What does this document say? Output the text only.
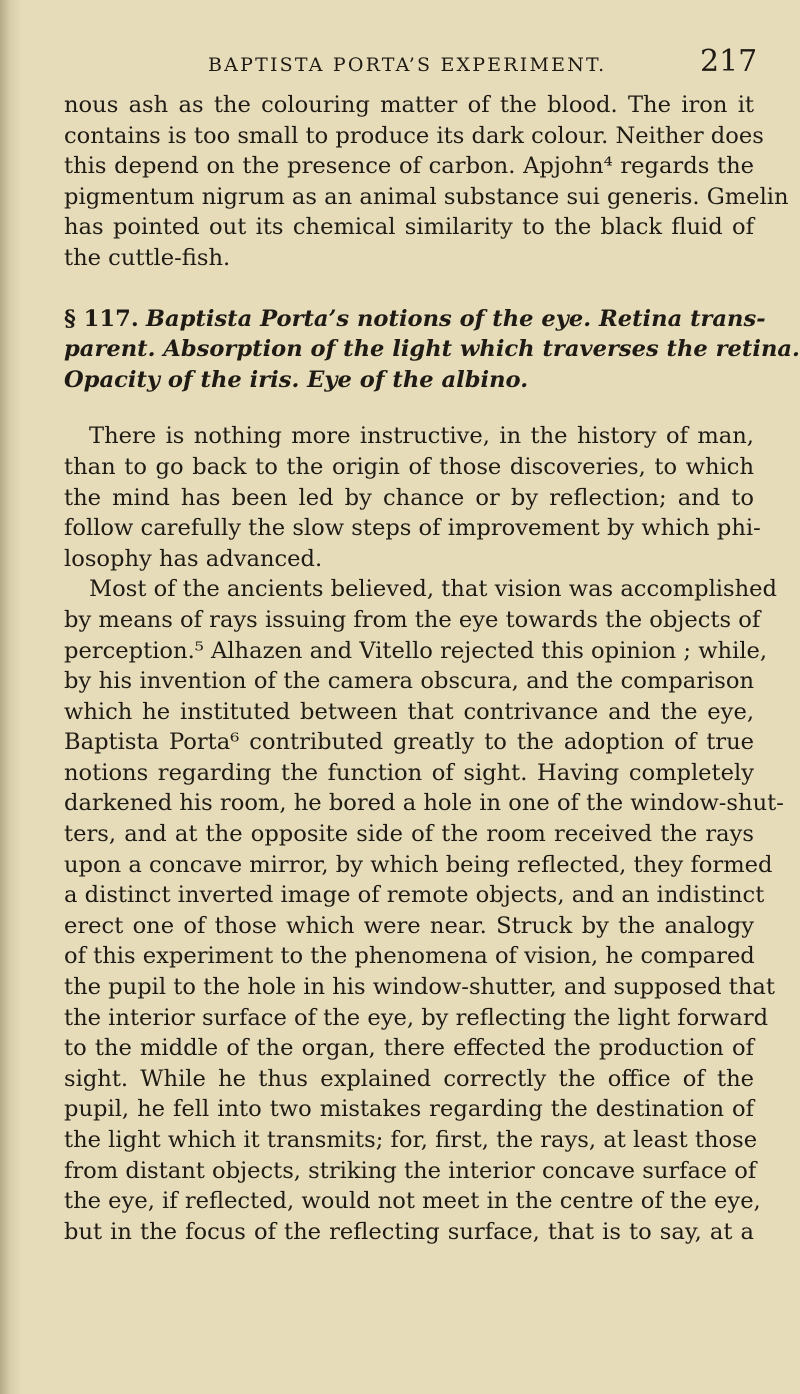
BAPTISTA PORTA’S EXPERIMENT.	217

nous ash as the colouring matter of the blood. The iron it
contains is too small to produce its dark colour. Neither does
this depend on the presence of carbon. Apjohn⁴ regards the
pigmentum nigrum as an animal substance sui generis. Gmelin
has pointed out its chemical similarity to the black fluid of
the cuttle-fish.

§ 117. Baptista Porta’s notions of the eye. Retina trans-
parent. Absorption of the light which traverses the retina.
Opacity of the iris. Eye of the albino.

There is nothing more instructive, in the history of man,
than to go back to the origin of those discoveries, to which
the mind has been led by chance or by reflection; and to
follow carefully the slow steps of improvement by which phi-
losophy has advanced.

Most of the ancients believed, that vision was accomplished
by means of rays issuing from the eye towards the objects of
perception.⁵ Alhazen and Vitello rejected this opinion ; while,
by his invention of the camera obscura, and the comparison
which he instituted between that contrivance and the eye,
Baptista Porta⁶ contributed greatly to the adoption of true
notions regarding the function of sight. Having completely
darkened his room, he bored a hole in one of the window-shut-
ters, and at the opposite side of the room received the rays
upon a concave mirror, by which being reflected, they formed
a distinct inverted image of remote objects, and an indistinct
erect one of those which were near. Struck by the analogy
of this experiment to the phenomena of vision, he compared
the pupil to the hole in his window-shutter, and supposed that
the interior surface of the eye, by reflecting the light forward
to the middle of the organ, there effected the production of
sight. While he thus explained correctly the office of the
pupil, he fell into two mistakes regarding the destination of
the light which it transmits; for, first, the rays, at least those
from distant objects, striking the interior concave surface of
the eye, if reflected, would not meet in the centre of the eye,
but in the focus of the reflecting surface, that is to say, at a
